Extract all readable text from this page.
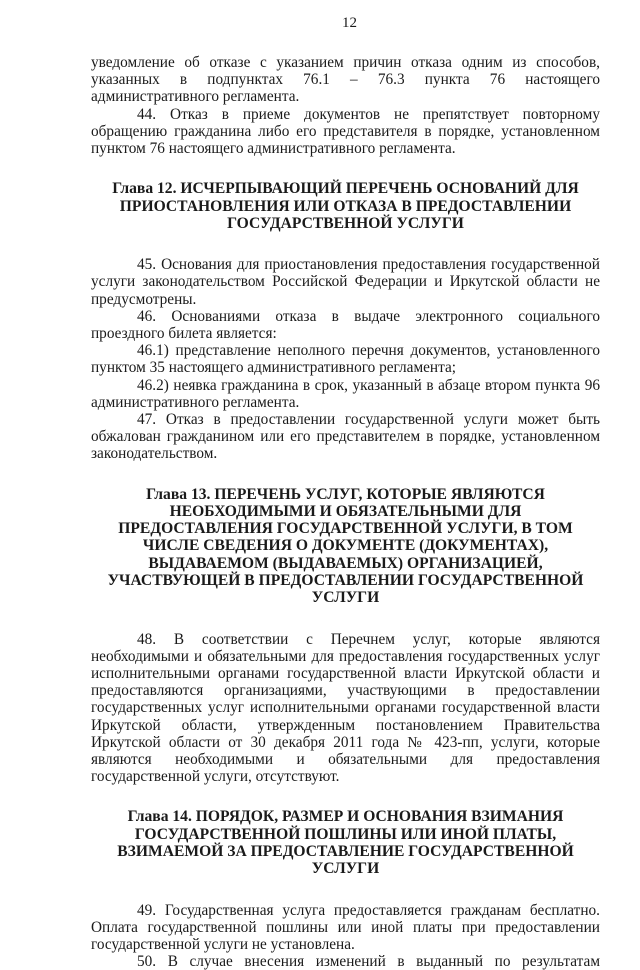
12

уведомление об отказе с указанием причин отказа одним из способов, указанных в подпунктах 76.1 – 76.3 пункта 76 настоящего административного регламента.

44. Отказ в приеме документов не препятствует повторному обращению гражданина либо его представителя в порядке, установленном пунктом 76 настоящего административного регламента.

Глава 12. ИСЧЕРПЫВАЮЩИЙ ПЕРЕЧЕНЬ ОСНОВАНИЙ ДЛЯ ПРИОСТАНОВЛЕНИЯ ИЛИ ОТКАЗА В ПРЕДОСТАВЛЕНИИ ГОСУДАРСТВЕННОЙ УСЛУГИ

45. Основания для приостановления предоставления государственной услуги законодательством Российской Федерации и Иркутской области не предусмотрены.

46. Основаниями отказа в выдаче электронного социального проездного билета является:

46.1) представление неполного перечня документов, установленного пунктом 35 настоящего административного регламента;

46.2) неявка гражданина в срок, указанный в абзаце втором пункта 96 административного регламента.

47. Отказ в предоставлении государственной услуги может быть обжалован гражданином или его представителем в порядке, установленном законодательством.

Глава 13. ПЕРЕЧЕНЬ УСЛУГ, КОТОРЫЕ ЯВЛЯЮТСЯ НЕОБХОДИМЫМИ И ОБЯЗАТЕЛЬНЫМИ ДЛЯ ПРЕДОСТАВЛЕНИЯ ГОСУДАРСТВЕННОЙ УСЛУГИ, В ТОМ ЧИСЛЕ СВЕДЕНИЯ О ДОКУМЕНТЕ (ДОКУМЕНТАХ), ВЫДАВАЕМОМ (ВЫДАВАЕМЫХ) ОРГАНИЗАЦИЕЙ, УЧАСТВУЮЩЕЙ В ПРЕДОСТАВЛЕНИИ ГОСУДАРСТВЕННОЙ УСЛУГИ

48. В соответствии с Перечнем услуг, которые являются необходимыми и обязательными для предоставления государственных услуг исполнительными органами государственной власти Иркутской области и предоставляются организациями, участвующими в предоставлении государственных услуг исполнительными органами государственной власти Иркутской области, утвержденным постановлением Правительства Иркутской области от 30 декабря 2011 года № 423-пп, услуги, которые являются необходимыми и обязательными для предоставления государственной услуги, отсутствуют.

Глава 14. ПОРЯДОК, РАЗМЕР И ОСНОВАНИЯ ВЗИМАНИЯ ГОСУДАРСТВЕННОЙ ПОШЛИНЫ ИЛИ ИНОЙ ПЛАТЫ, ВЗИМАЕМОЙ ЗА ПРЕДОСТАВЛЕНИЕ ГОСУДАРСТВЕННОЙ УСЛУГИ

49. Государственная услуга предоставляется гражданам бесплатно. Оплата государственной пошлины или иной платы при предоставлении государственной услуги не установлена.

50. В случае внесения изменений в выданный по результатам
